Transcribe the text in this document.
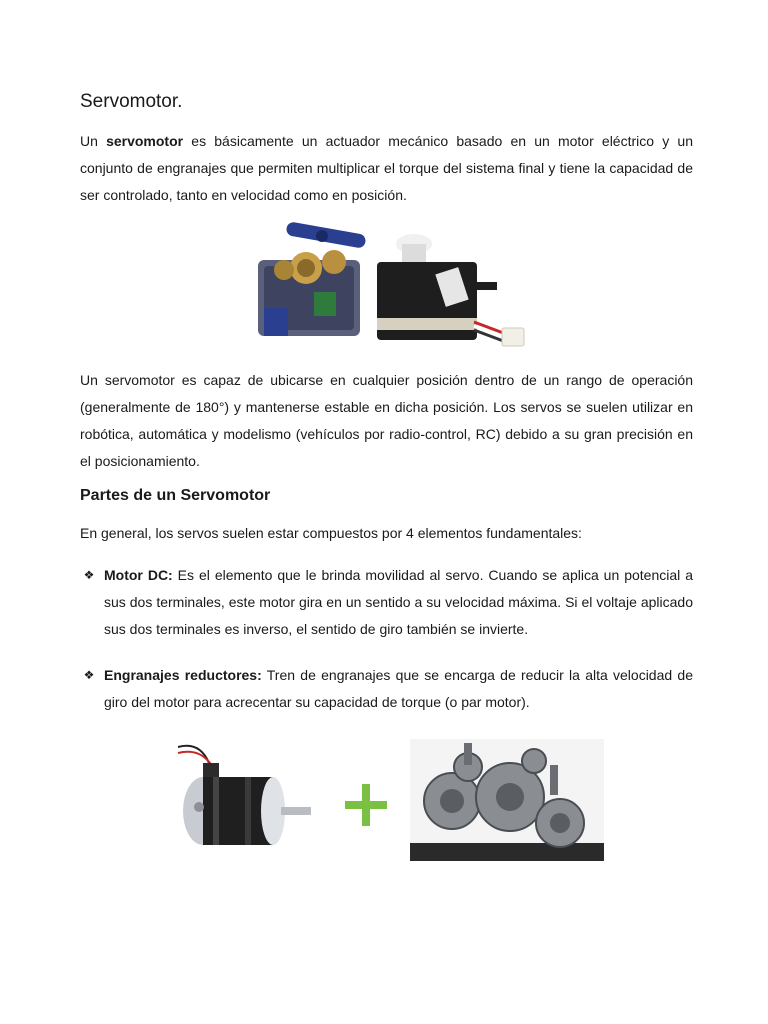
Servomotor.

Un servomotor es básicamente un actuador mecánico basado en un motor eléctrico y un conjunto de engranajes que permiten multiplicar el torque del sistema final y tiene la capacidad de ser controlado, tanto en velocidad como en posición.

Un servomotor es capaz de ubicarse en cualquier posición dentro de un rango de operación (generalmente de 180°) y mantenerse estable en dicha posición. Los servos se suelen utilizar en robótica, automática y modelismo (vehículos por radio-control, RC) debido a su gran precisión en el posicionamiento.

Partes de un Servomotor

En general, los servos suelen estar compuestos por 4 elementos fundamentales:

❖ Motor DC: Es el elemento que le brinda movilidad al servo. Cuando se aplica un potencial a sus dos terminales, este motor gira en un sentido a su velocidad máxima. Si el voltaje aplicado sus dos terminales es inverso, el sentido de giro también se invierte.
❖ Engranajes reductores: Tren de engranajes que se encarga de reducir la alta velocidad de giro del motor para acrecentar su capacidad de torque (o par motor).
